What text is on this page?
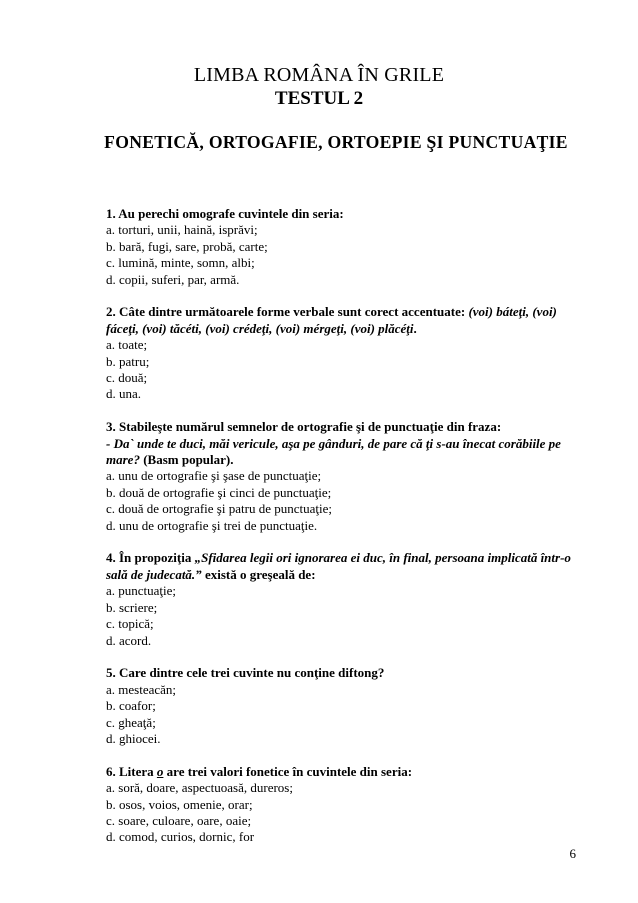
LIMBA ROMÂNA ÎN GRILE
TESTUL 2
FONETICĂ, ORTOGAFIE, ORTOEPIE ŞI PUNCTUAŢIE
1. Au perechi omografe cuvintele din seria:
a. torturi, unii, haină, isprăvi;
b. bară, fugi, sare, probă, carte;
c. lumină, minte, somn, albi;
d. copii, suferi, par, armă.
2. Câte dintre următoarele forme verbale sunt corect accentuate: (voi) báteţi, (voi) fáceţi, (voi) tăcéti, (voi) crédeţi, (voi) mérgeţi, (voi) plăcéţi.
a. toate;
b. patru;
c. două;
d. una.
3. Stabileşte numărul semnelor de ortografie şi de punctuaţie din fraza:
- Da` unde te duci, măi vericule, aşa pe gânduri, de pare că ţi s-au înecat corăbiile pe mare? (Basm popular).
a. unu de ortografie şi şase de punctuaţie;
b. două de ortografie şi cinci de punctuaţie;
c. două de ortografie şi patru de punctuaţie;
d. unu de ortografie şi trei de punctuaţie.
4. În propoziţia „Sfidarea legii ori ignorarea ei duc, în final, persoana implicată într-o sală de judecată.” există o greşeală de:
a. punctuaţie;
b. scriere;
c. topică;
d. acord.
5. Care dintre cele trei cuvinte nu conţine diftong?
a. mesteacăn;
b. coafor;
c. gheaţă;
d. ghiocei.
6. Litera o are trei valori fonetice în cuvintele din seria:
a. soră, doare, aspectuoasă, dureros;
b. osos, voios, omenie, orar;
c. soare, culoare, oare, oaie;
d. comod, curios, dornic, for
6
